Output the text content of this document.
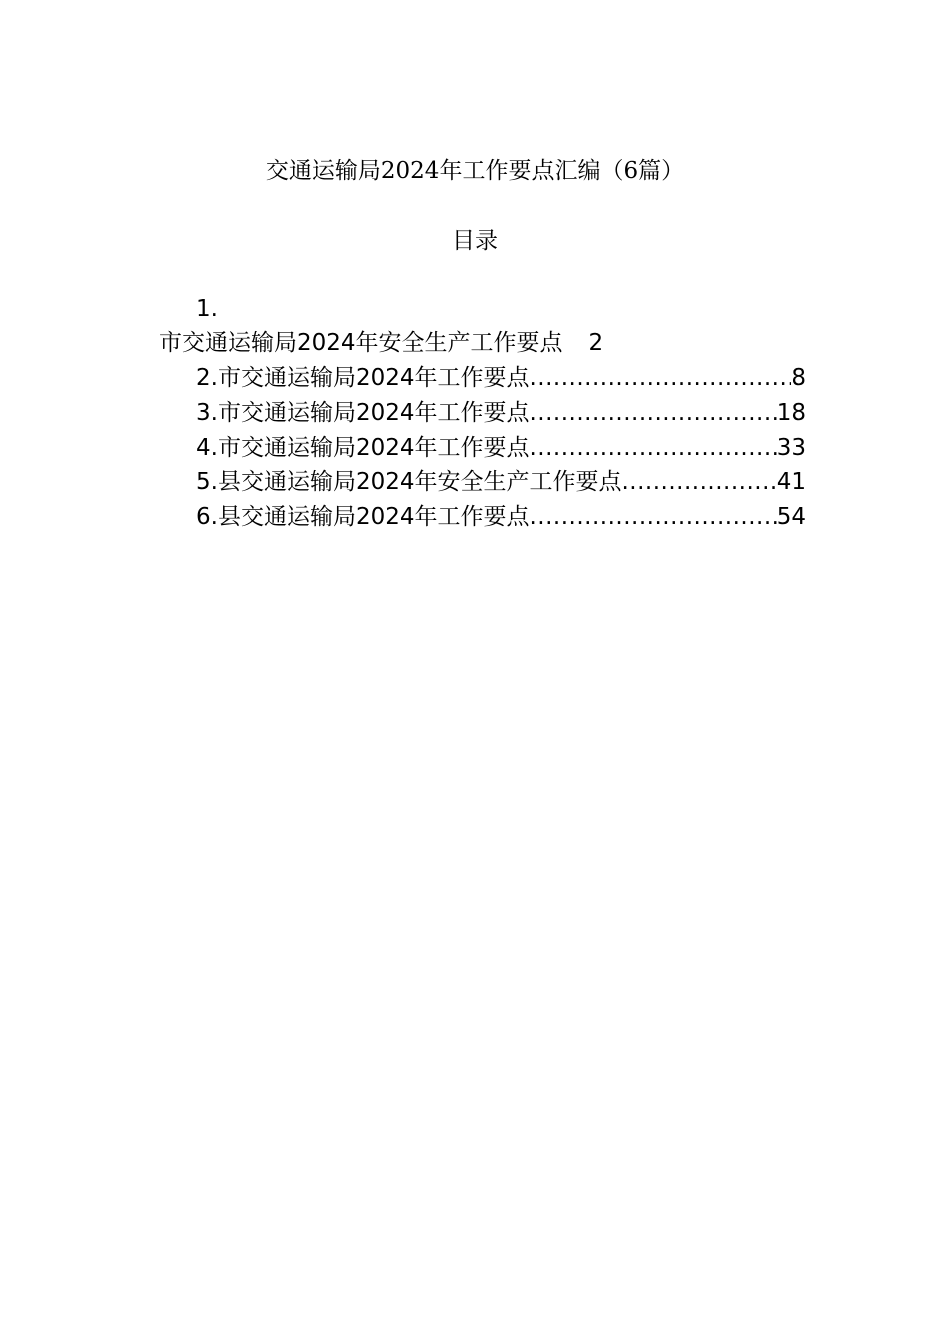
交通运输局2024年工作要点汇编（6篇）
目录
1.
市交通运输局2024年安全生产工作要点 2
2.市交通运输局2024年工作要点 .....	8
3.市交通运输局2024年工作要点 .....	18
4.市交通运输局2024年工作要点 .....	33
5.县交通运输局2024年安全生产工作要点 .....	41
6.县交通运输局2024年工作要点 .....	54
